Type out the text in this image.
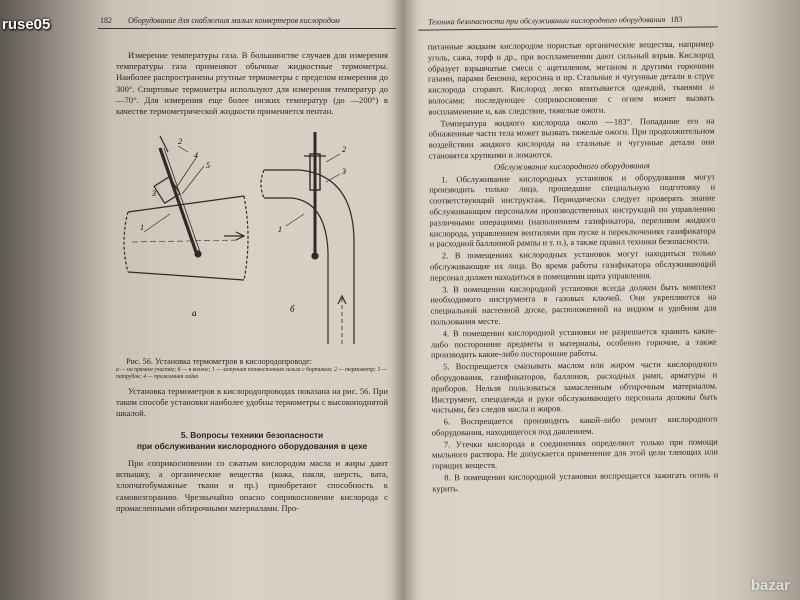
182 Оборудование для снабжения малых конвертеров кислородом

Измерение температуры газа. В большинстве случаев для измерения температуры газа применяют обычные жидкостные термометры. Наиболее распространены ртутные термометры с пределом измерения до 300°. Спиртовые термометры используют для измерения температур до —70°. Для измерения еще более низких температур (до —200°) в качестве термометрической жидкости применяется пентан.

2
4
5
1
3
2
3
1
а	б
Рис. 56. Установка термометров в кислородопроводе:
а — на прямом участке; б — в колене; 1 — латунная тонкостенная гильза с бортиком; 2 — термометр; 3 — патрубок; 4 — прижимная гайка

Установка термометров в кислородопроводах показана на рис. 56. При таком способе установки наиболее удобны термометры с высокоподнятой шкалой.

5. Вопросы техники безопасности
при обслуживании кислородного оборудования в цехе

При соприкосновении со сжатым кислородом масла и жиры дают вспышку, а органические вещества (кожа, пакля, шерсть, вата, хлопчатобумажные ткани и пр.) приобретают способность к самовозгоранию. Чрезвычайно опасно соприкосновение кислорода с промасленными обтирочными материалами. Про-

Техника безопасности при обслуживании кислородного оборудования 183

питанные жидким кислородом пористые органические вещества, например уголь, сажа, торф и др., при воспламенении дают сильный взрыв. Кислород образует взрывчатые смеси с ацетиленом, метаном и другими горючими газами, парами бензина, керосина и пр. Стальные и чугунные детали в струе кислорода сгорают. Кислород легко впитывается одеждой, тканями и волосами; последующее соприкосновение с огнем может вызвать воспламенение и, как следствие, тяжелые ожоги.

Температура жидкого кислорода около —183°. Попадание его на обнаженные части тела может вызвать тяжелые ожоги. При продолжительном воздействии жидкого кислорода на стальные и чугунные детали они становятся хрупкими и ломаются.

Обслуживание кислородного оборудования

1. Обслуживание кислородных установок и оборудования могут производить только лица, прошедшие специальную подготовку и соответствующий инструктаж. Периодически следует проверять знание обслуживающим персоналом производственных инструкций по управлению различными операциями (наполнением газификатора, переливом жидкого кислорода, управлением вентилями при пуске и переключениях газификатора и расходной баллонной рампы и т. п.), а также правил техники безопасности.

2. В помещениях кислородных установок могут находиться только обслуживающие их лица. Во время работы газификатора обслуживающий персонал должен находиться в помещении щита управления.

3. В помещении кислородной установки всегда должен быть комплект необходимого инструмента в газовых ключей. Они укрепляются на специальной настенной доске, расположенной на видном и удобном для пользования месте.

4. В помещении кислородной установки не разрешается хранить какие-либо посторонние предметы и материалы, особенно горючие, а также производить какие-либо посторонние работы.

5. Воспрещается смазывать маслом или жиром части кислородного оборудования, газификаторов, баллонов, расходных рамп, арматуры и приборов. Нельзя пользоваться замасленным обтирочным материалом. Инструмент, спецодежда и руки обслуживающего персонала должны быть чистыми, без следов масла и жиров.

6. Воспрещается производить какой-либо ремонт кислородного оборудования, находящегося под давлением.

7. Утечки кислорода в соединениях определяют только при помощи мыльного раствора. Не допускается применение для этой цели тлеющих или горящих веществ.

8. В помещении кислородной установки воспрещается зажигать огонь и курить.

ruse05
bazar
